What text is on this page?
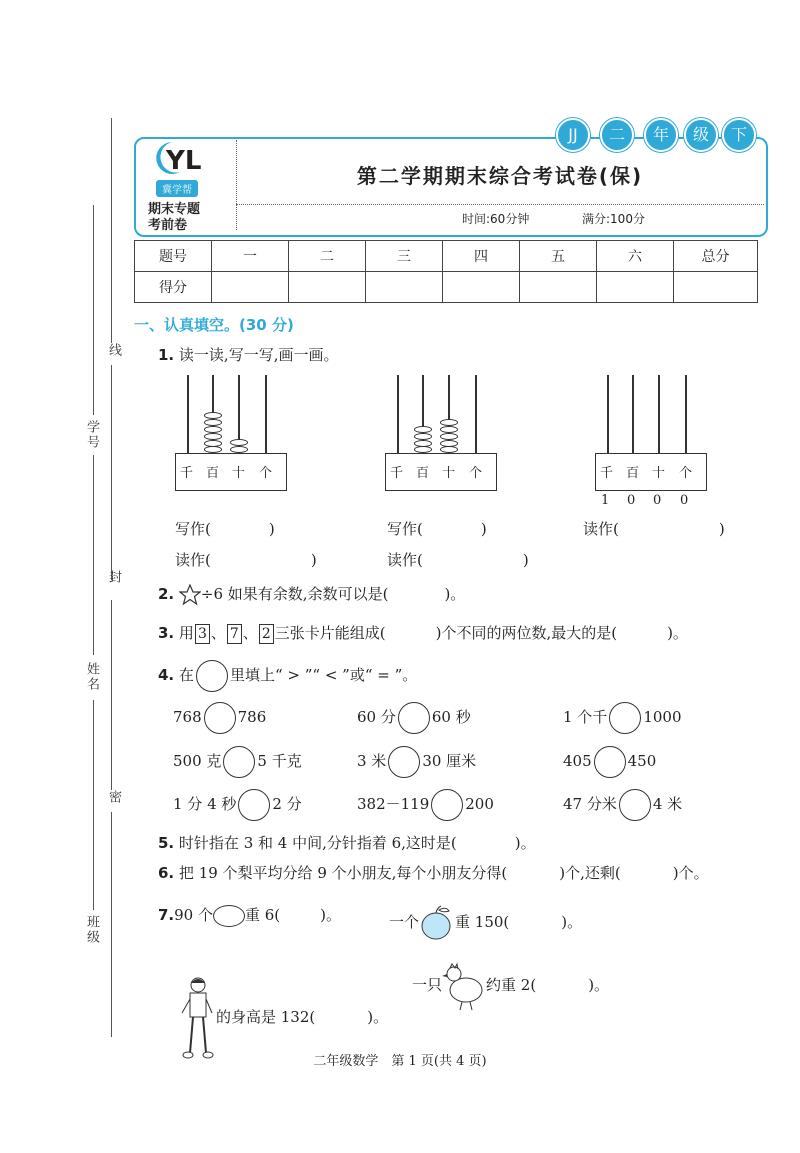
线
封
密
学号
姓名
班级
YL
冀学帮
期末专题
考前卷
第二学期期末综合考试卷(保)
时间:60分钟	满分:100分
JJ	二	年	级	下
题号	一	二	三	四	五	六	总分
得分							
一、认真填空。(30 分)
1. 读一读,写一写,画一画。
千 百 十 个	千 百 十 个	千 百 十 个
1 0 0 0
写作(	)	写作(	)	读作(	)
读作(	)	读作(	)
2. ÷6 如果有余数,余数可以是(	)。
3. 用 3 、 7 、 2 三张卡片能组成(	)个不同的两位数,最大的是(	)。
4. 在 里填上“ > ”“ < ”或“ = ”。
768 786	60 分 60 秒	1 个千 1000
500 克 5 千克	3 米 30 厘米	405 450
1 分 4 秒 2 分	382－119 200	47 分米 4 米
5. 时针指在 3 和 4 中间,分针指着 6,这时是(	)。
6. 把 19 个梨平均分给 9 个小朋友,每个小朋友分得(	)个,还剩(	)个。
7.90 个 重 6(	)。	一个 重 150(	)。
的身高是 132(	)。
一只	约重 2(	)。
二年级数学　第 1 页(共 4 页)
